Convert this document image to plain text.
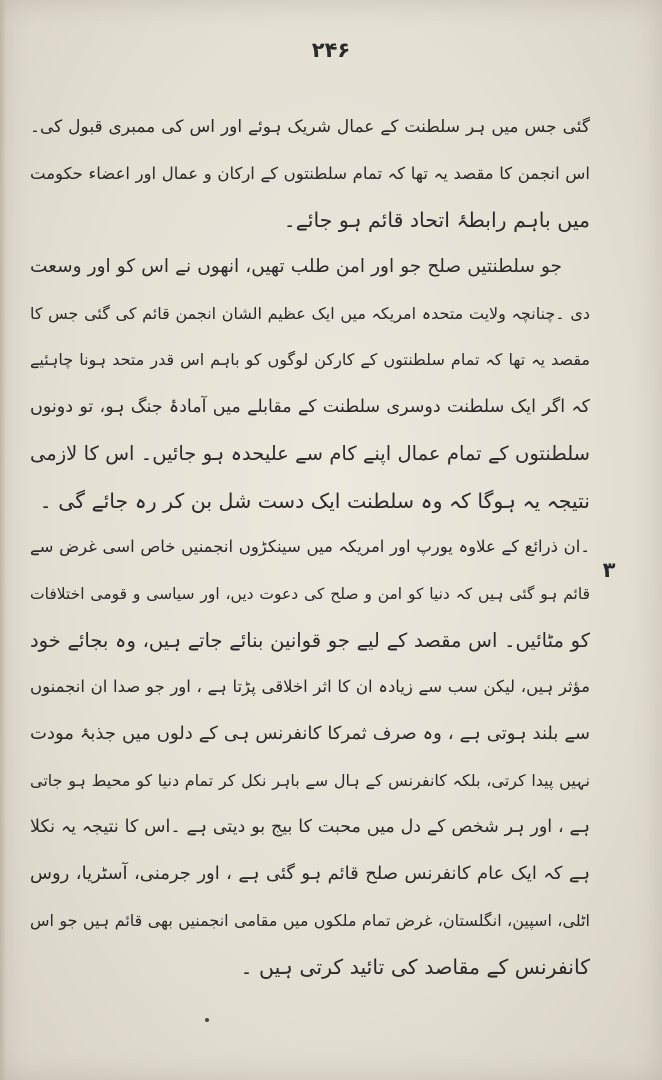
۲۴۶
۳
گئی جس میں ہر سلطنت کے عمال شریک ہوئے اور اس کی ممبری قبول کی۔
اس انجمن کا مقصد یہ تھا کہ تمام سلطنتوں کے ارکان و عمال اور اعضاء حکومت
میں باہم رابطۂ اتحاد قائم ہو جائے۔
جو سلطنتیں صلح جو اور امن طلب تھیں، انھوں نے اس کو اور وسعت
دی ۔چنانچہ ولایت متحدہ امریکہ میں ایک عظیم الشان انجمن قائم کی گئی جس کا
مقصد یہ تھا کہ تمام سلطنتوں کے کارکن لوگوں کو باہم اس قدر متحد ہونا چاہئیے
کہ اگر ایک سلطنت دوسری سلطنت کے مقابلے میں آمادۂ جنگ ہو، تو دونوں
سلطنتوں کے تمام عمال اپنے کام سے علیحدہ ہو جائیں۔ اس کا لازمی
نتیجہ یہ ہوگا کہ وہ سلطنت ایک دست شل بن کر رہ جائے گی ۔
۔ان ذرائع کے علاوہ یورپ اور امریکہ میں سینکڑوں انجمنیں خاص اسی غرض سے
قائم ہو گئی ہیں کہ دنیا کو امن و صلح کی دعوت دیں، اور سیاسی و قومی اختلافات
کو مٹائیں۔ اس مقصد کے لیے جو قوانین بنائے جاتے ہیں، وہ بجائے خود
مؤثر ہیں، لیکن سب سے زیادہ ان کا اثر اخلاقی پڑتا ہے ، اور جو صدا ان انجمنوں
سے بلند ہوتی ہے ، وہ صرف ثمرکا کانفرنس ہی کے دلوں میں جذبۂ مودت
نہیں پیدا کرتی، بلکہ کانفرنس کے ہال سے باہر نکل کر تمام دنیا کو محیط ہو جاتی
ہے ، اور ہر شخص کے دل میں محبت کا بیج بو دیتی ہے ۔اس کا نتیجہ یہ نکلا
ہے کہ ایک عام کانفرنس صلح قائم ہو گئی ہے ، اور جرمنی، آسٹریا، روس
اٹلی، اسپین، انگلستان، غرض تمام ملکوں میں مقامی انجمنیں بھی قائم ہیں جو اس
کانفرنس کے مقاصد کی تائید کرتی ہیں ۔
